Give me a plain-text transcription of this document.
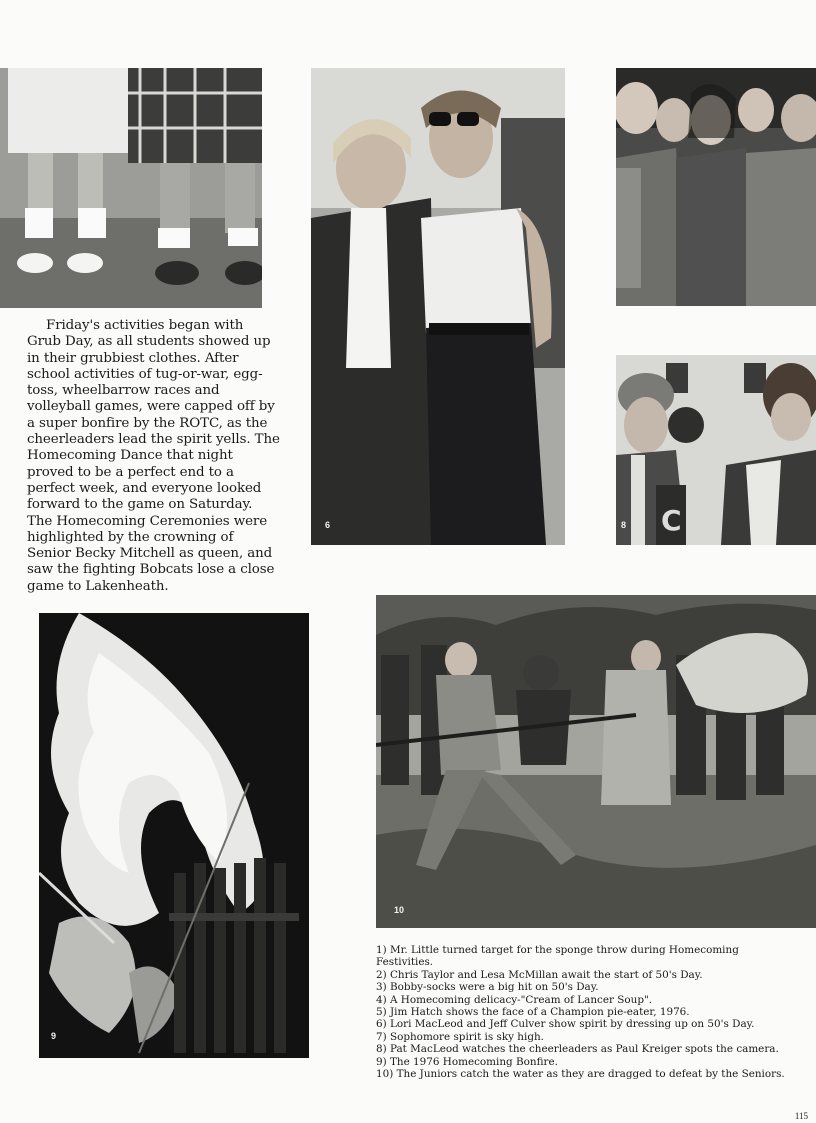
Friday's activities began with Grub Day, as all students showed up in their grubbiest clothes. After school activities of tug-or-war, egg-toss, wheelbarrow races and volleyball games, were capped off by a super bonfire by the ROTC, as the cheerleaders lead the spirit yells. The Homecoming Dance that night proved to be a perfect end to a perfect week, and everyone looked forward to the game on Saturday. The Homecoming Ceremonies were highlighted by the crowning of Senior Becky Mitchell as queen, and saw the fighting Bobcats lose a close game to Lakenheath.

6	C
8
9
10
1) Mr. Little turned target for the sponge throw during Homecoming Festivities.
2) Chris Taylor and Lesa McMillan await the start of 50's Day.
3) Bobby-socks were a big hit on 50's Day.
4) A Homecoming delicacy-"Cream of Lancer Soup".
5) Jim Hatch shows the face of a Champion pie-eater, 1976.
6) Lori MacLeod and Jeff Culver show spirit by dressing up on 50's Day.
7) Sophomore spirit is sky high.
8) Pat MacLeod watches the cheerleaders as Paul Kreiger spots the camera.
9) The 1976 Homecoming Bonfire.
10) The Juniors catch the water as they are dragged to defeat by the Seniors.
115
